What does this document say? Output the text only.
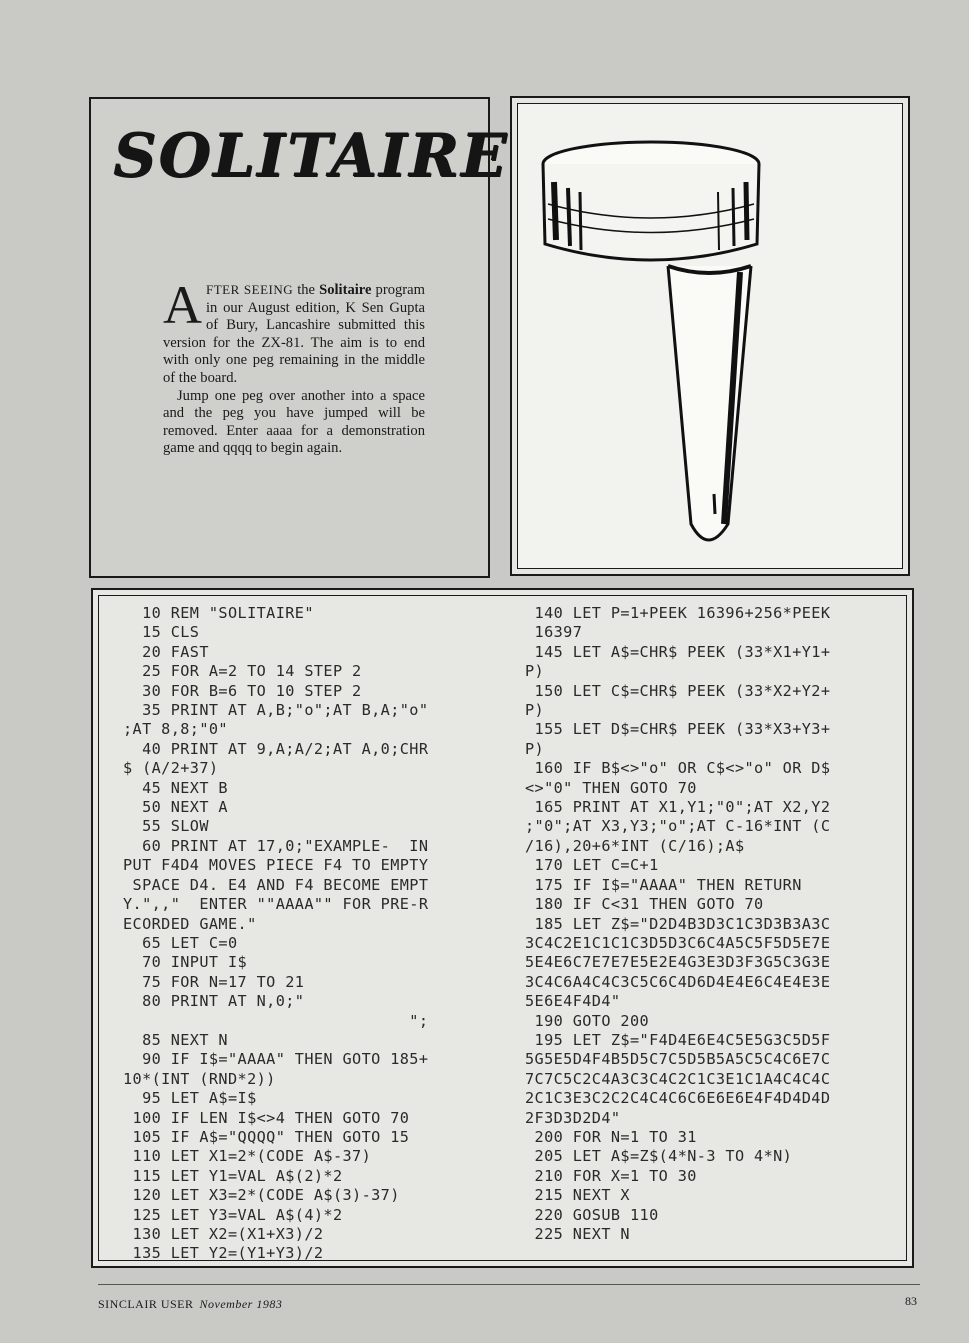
SOLITAIRE

AFTER SEEING the Solitaire program in our August edition, K Sen Gupta of Bury, Lancashire submitted this version for the ZX-81. The aim is to end with only one peg remaining in the middle of the board.

Jump one peg over another into a space and the peg you have jumped will be removed. Enter aaaa for a demonstration game and qqqq to begin again.

10 REM "SOLITAIRE"
15 CLS
20 FAST
25 FOR A=2 TO 14 STEP 2
30 FOR B=6 TO 10 STEP 2
35 PRINT AT A,B;"o";AT B,A;"o"
;AT 8,8;"0"
40 PRINT AT 9,A;A/2;AT A,0;CHR
$ (A/2+37)
45 NEXT B
50 NEXT A
55 SLOW
60 PRINT AT 17,0;"EXAMPLE-  IN
PUT F4D4 MOVES PIECE F4 TO EMPTY
SPACE D4. E4 AND F4 BECOME EMPT
Y.",,"  ENTER ""AAAA"" FOR PRE-R
ECORDED GAME."
65 LET C=0
70 INPUT I$
75 FOR N=17 TO 21
80 PRINT AT N,0;"
";
85 NEXT N
90 IF I$="AAAA" THEN GOTO 185+
10*(INT (RND*2))
95 LET A$=I$
100 IF LEN I$<>4 THEN GOTO 70
105 IF A$="QQQQ" THEN GOTO 15
110 LET X1=2*(CODE A$-37)
115 LET Y1=VAL A$(2)*2
120 LET X3=2*(CODE A$(3)-37)
125 LET Y3=VAL A$(4)*2
130 LET X2=(X1+X3)/2
135 LET Y2=(Y1+Y3)/2

140 LET P=1+PEEK 16396+256*PEEK
16397
145 LET A$=CHR$ PEEK (33*X1+Y1+
P)
150 LET C$=CHR$ PEEK (33*X2+Y2+
P)
155 LET D$=CHR$ PEEK (33*X3+Y3+
P)
160 IF B$<>"o" OR C$<>"o" OR D$
<>"0" THEN GOTO 70
165 PRINT AT X1,Y1;"0";AT X2,Y2
;"0";AT X3,Y3;"o";AT C-16*INT (C
/16),20+6*INT (C/16);A$
170 LET C=C+1
175 IF I$="AAAA" THEN RETURN
180 IF C<31 THEN GOTO 70
185 LET Z$="D2D4B3D3C1C3D3B3A3C
3C4C2E1C1C1C3D5D3C6C4A5C5F5D5E7E
5E4E6C7E7E7E5E2E4G3E3D3F3G5C3G3E
3C4C6A4C4C3C5C6C4D6D4E4E6C4E4E3E
5E6E4F4D4"
190 GOTO 200
195 LET Z$="F4D4E6E4C5E5G3C5D5F
5G5E5D4F4B5D5C7C5D5B5A5C5C4C6E7C
7C7C5C2C4A3C3C4C2C1C3E1C1A4C4C4C
2C1C3E3C2C2C4C4C6C6E6E6E4F4D4D4D
2F3D3D2D4"
200 FOR N=1 TO 31
205 LET A$=Z$(4*N-3 TO 4*N)
210 FOR X=1 TO 30
215 NEXT X
220 GOSUB 110
225 NEXT N

SINCLAIR USER November 1983	83
